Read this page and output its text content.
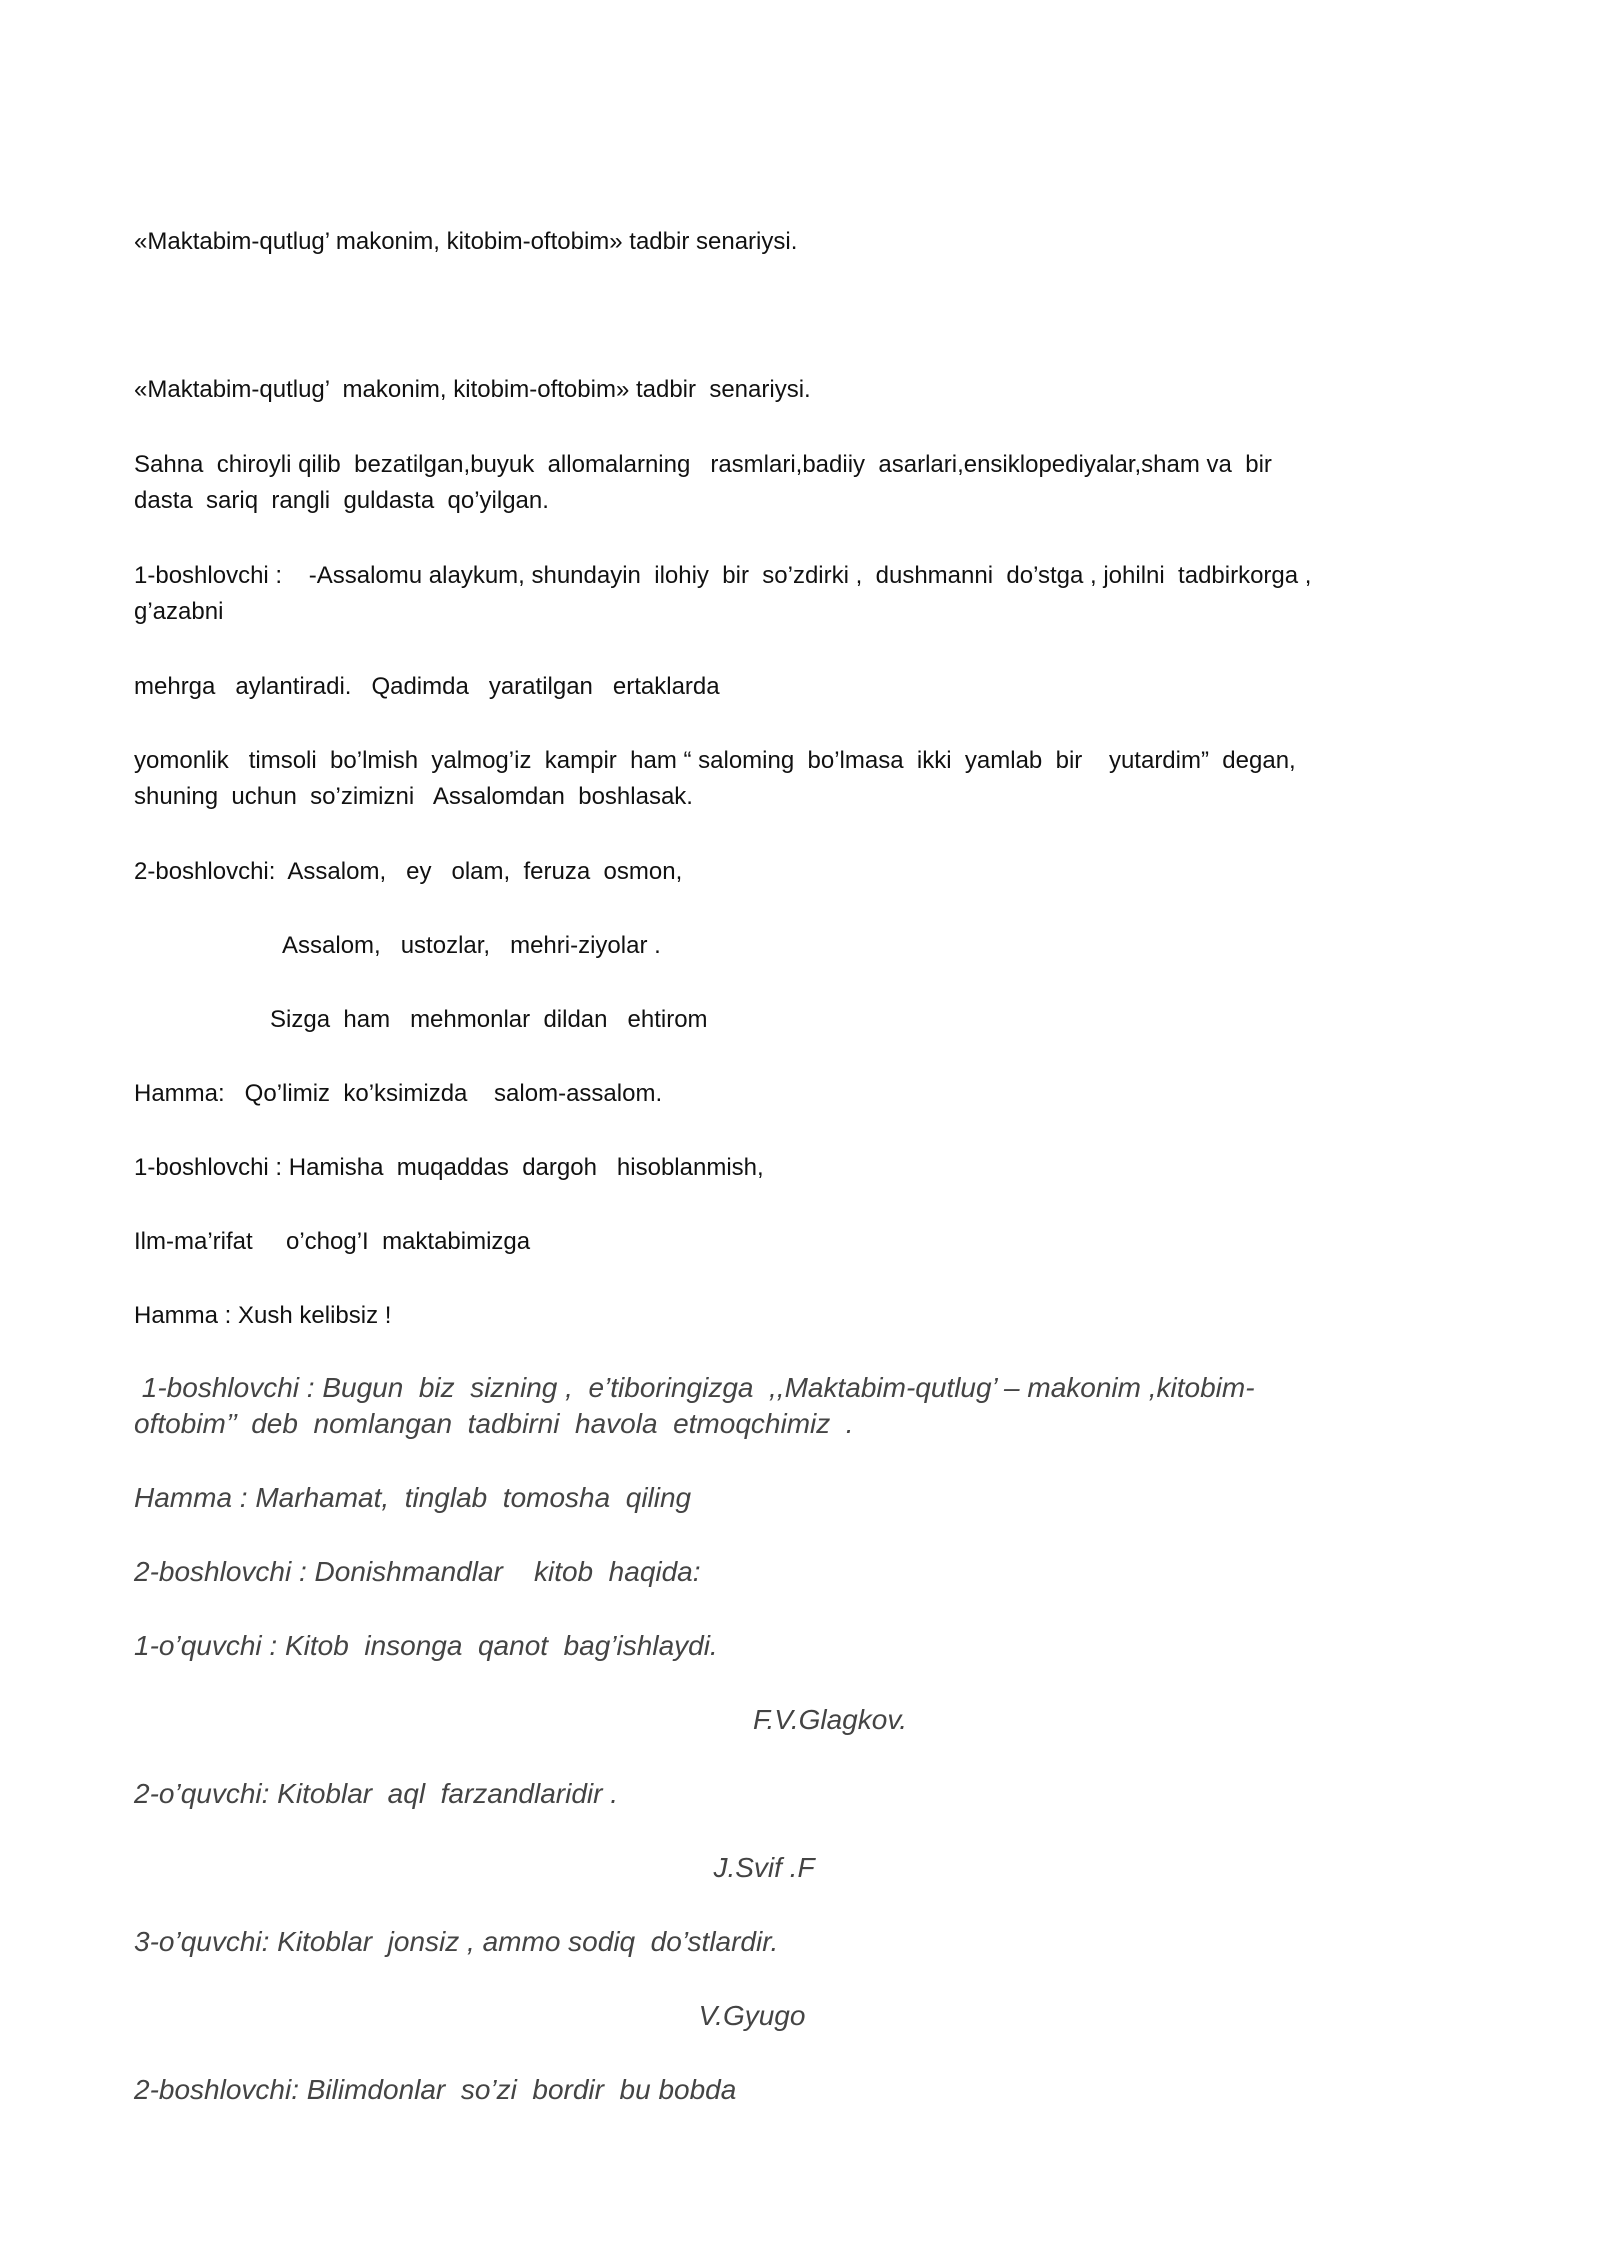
«Maktabim-qutlug’ makonim, kitobim-oftobim» tadbir senariysi.

«Maktabim-qutlug’  makonim, kitobim-oftobim» tadbir  senariysi.

Sahna  chiroyli qilib  bezatilgan,buyuk  allomalarning   rasmlari,badiiy  asarlari,ensiklopediyalar,sham va  bir

dasta  sariq  rangli  guldasta  qo’yilgan.

1-boshlovchi :    -Assalomu alaykum, shundayin  ilohiy  bir  so’zdirki ,  dushmanni  do’stga , johilni  tadbirkorga ,

g’azabni

mehrga   aylantiradi.   Qadimda   yaratilgan   ertaklarda

yomonlik   timsoli  bo’lmish  yalmog’iz  kampir  ham “ saloming  bo’lmasa  ikki  yamlab  bir    yutardim”  degan,

shuning  uchun  so’zimizni   Assalomdan  boshlasak.

2-boshlovchi:  Assalom,   ey   olam,  feruza  osmon,

Assalom,   ustozlar,   mehri-ziyolar .

Sizga  ham   mehmonlar  dildan   ehtirom

Hamma:   Qo’limiz  ko’ksimizda    salom-assalom.

1-boshlovchi : Hamisha  muqaddas  dargoh   hisoblanmish,

Ilm-ma’rifat     o’chog’I  maktabimizga

Hamma : Xush kelibsiz !

1-boshlovchi : Bugun  biz  sizning ,  e’tiboringizga  ,,Maktabim-qutlug’ – makonim ,kitobim-

oftobim’’  deb  nomlangan  tadbirni  havola  etmoqchimiz  .

Hamma : Marhamat,  tinglab  tomosha  qiling

2-boshlovchi : Donishmandlar    kitob  haqida:

1-o’quvchi : Kitob  insonga  qanot  bag’ishlaydi.

F.V.Glagkov.

2-o’quvchi: Kitoblar  aql  farzandlaridir .

J.Svif .F

3-o’quvchi: Kitoblar  jonsiz , ammo sodiq  do’stlardir.

V.Gyugo

2-boshlovchi: Bilimdonlar  so’zi  bordir  bu bobda
